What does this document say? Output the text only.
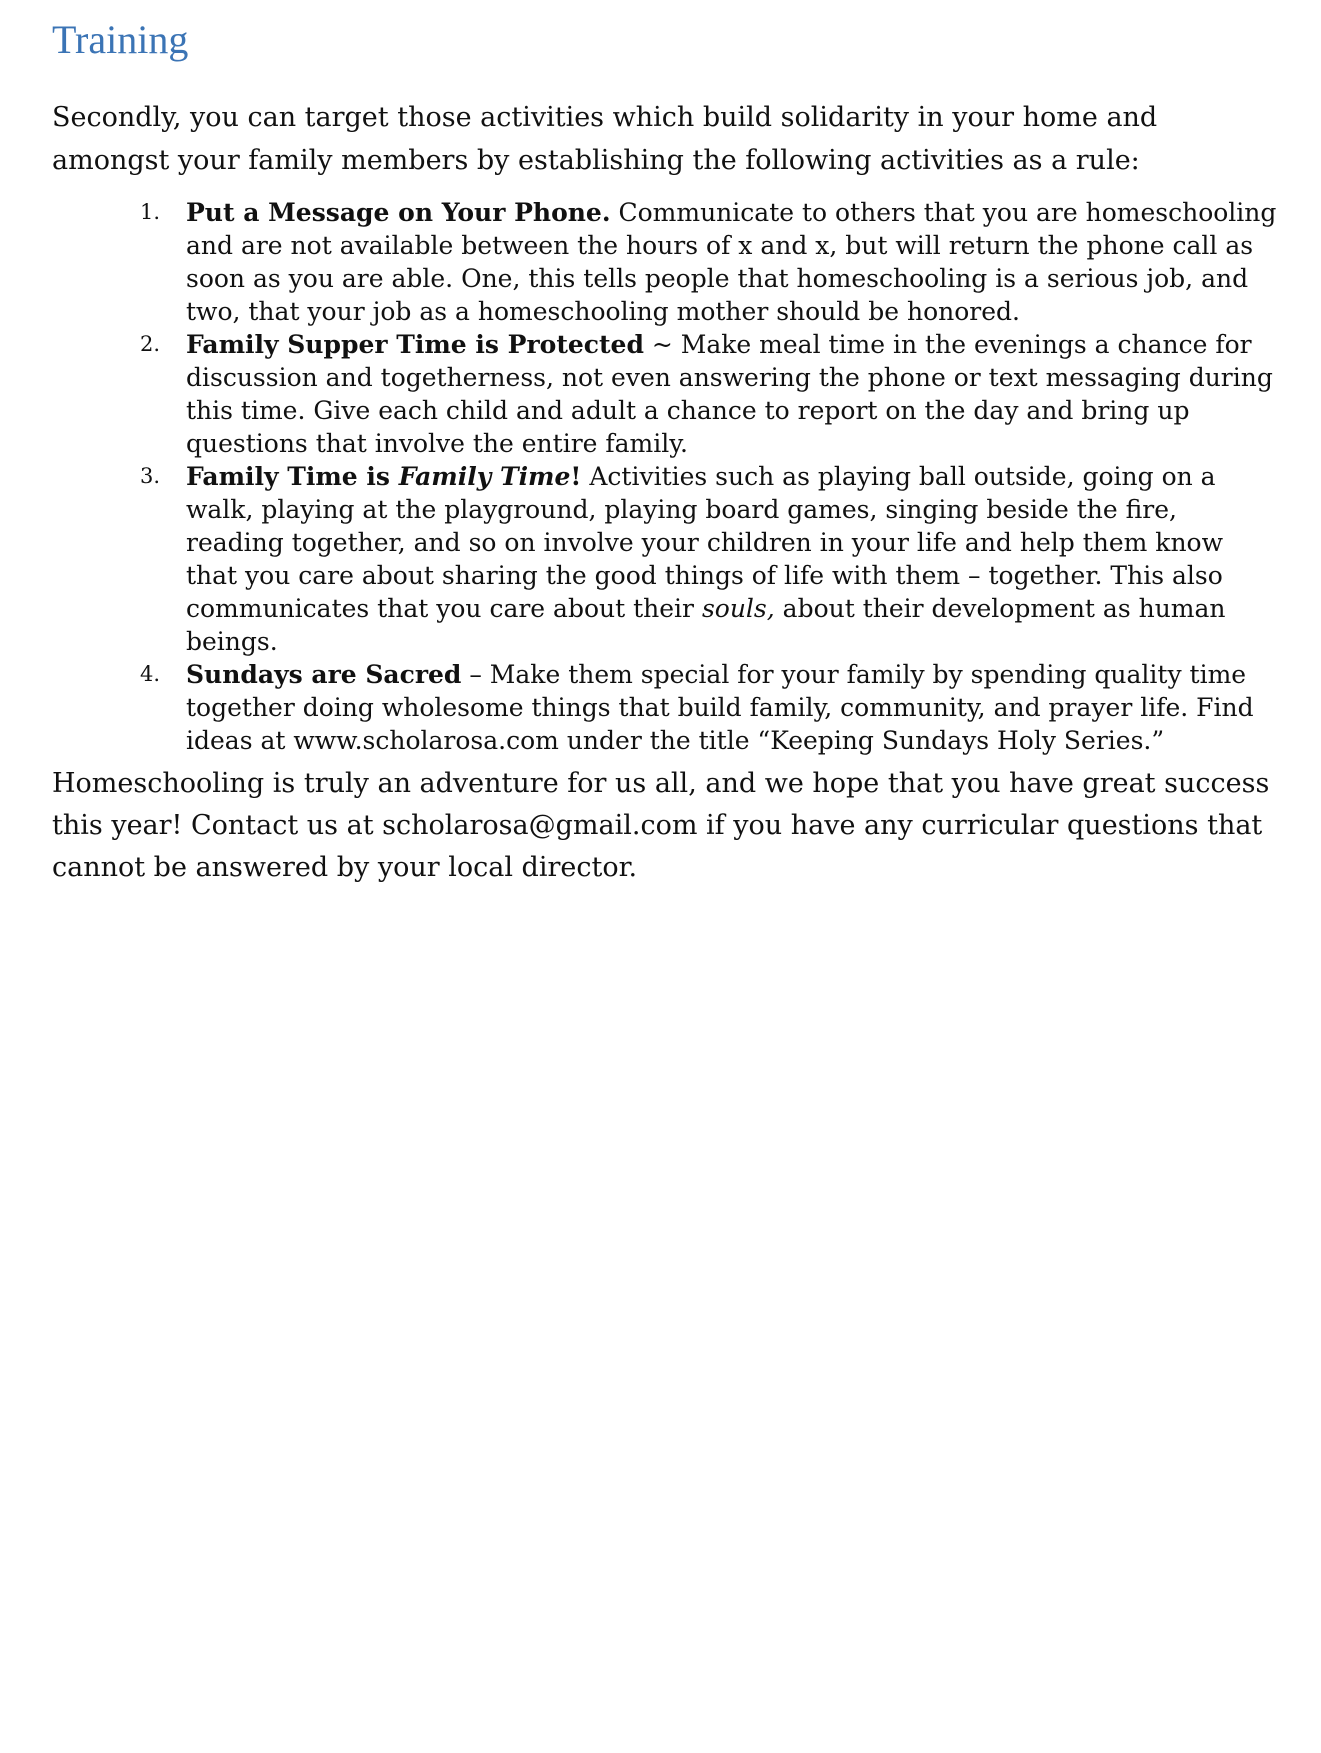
Training

Secondly, you can target those activities which build solidarity in your home and amongst your family members by establishing the following activities as a rule:

1. Put a Message on Your Phone. Communicate to others that you are homeschooling and are not available between the hours of x and x, but will return the phone call as soon as you are able. One, this tells people that homeschooling is a serious job, and two, that your job as a homeschooling mother should be honored.
2. Family Supper Time is Protected ~ Make meal time in the evenings a chance for discussion and togetherness, not even answering the phone or text messaging during this time. Give each child and adult a chance to report on the day and bring up questions that involve the entire family.
3. Family Time is Family Time! Activities such as playing ball outside, going on a walk, playing at the playground, playing board games, singing beside the fire, reading together, and so on involve your children in your life and help them know that you care about sharing the good things of life with them – together. This also communicates that you care about their souls, about their development as human beings.
4. Sundays are Sacred – Make them special for your family by spending quality time together doing wholesome things that build family, community, and prayer life. Find ideas at www.scholarosa.com under the title “Keeping Sundays Holy Series.”

Homeschooling is truly an adventure for us all, and we hope that you have great success this year! Contact us at scholarosa@gmail.com if you have any curricular questions that cannot be answered by your local director.
